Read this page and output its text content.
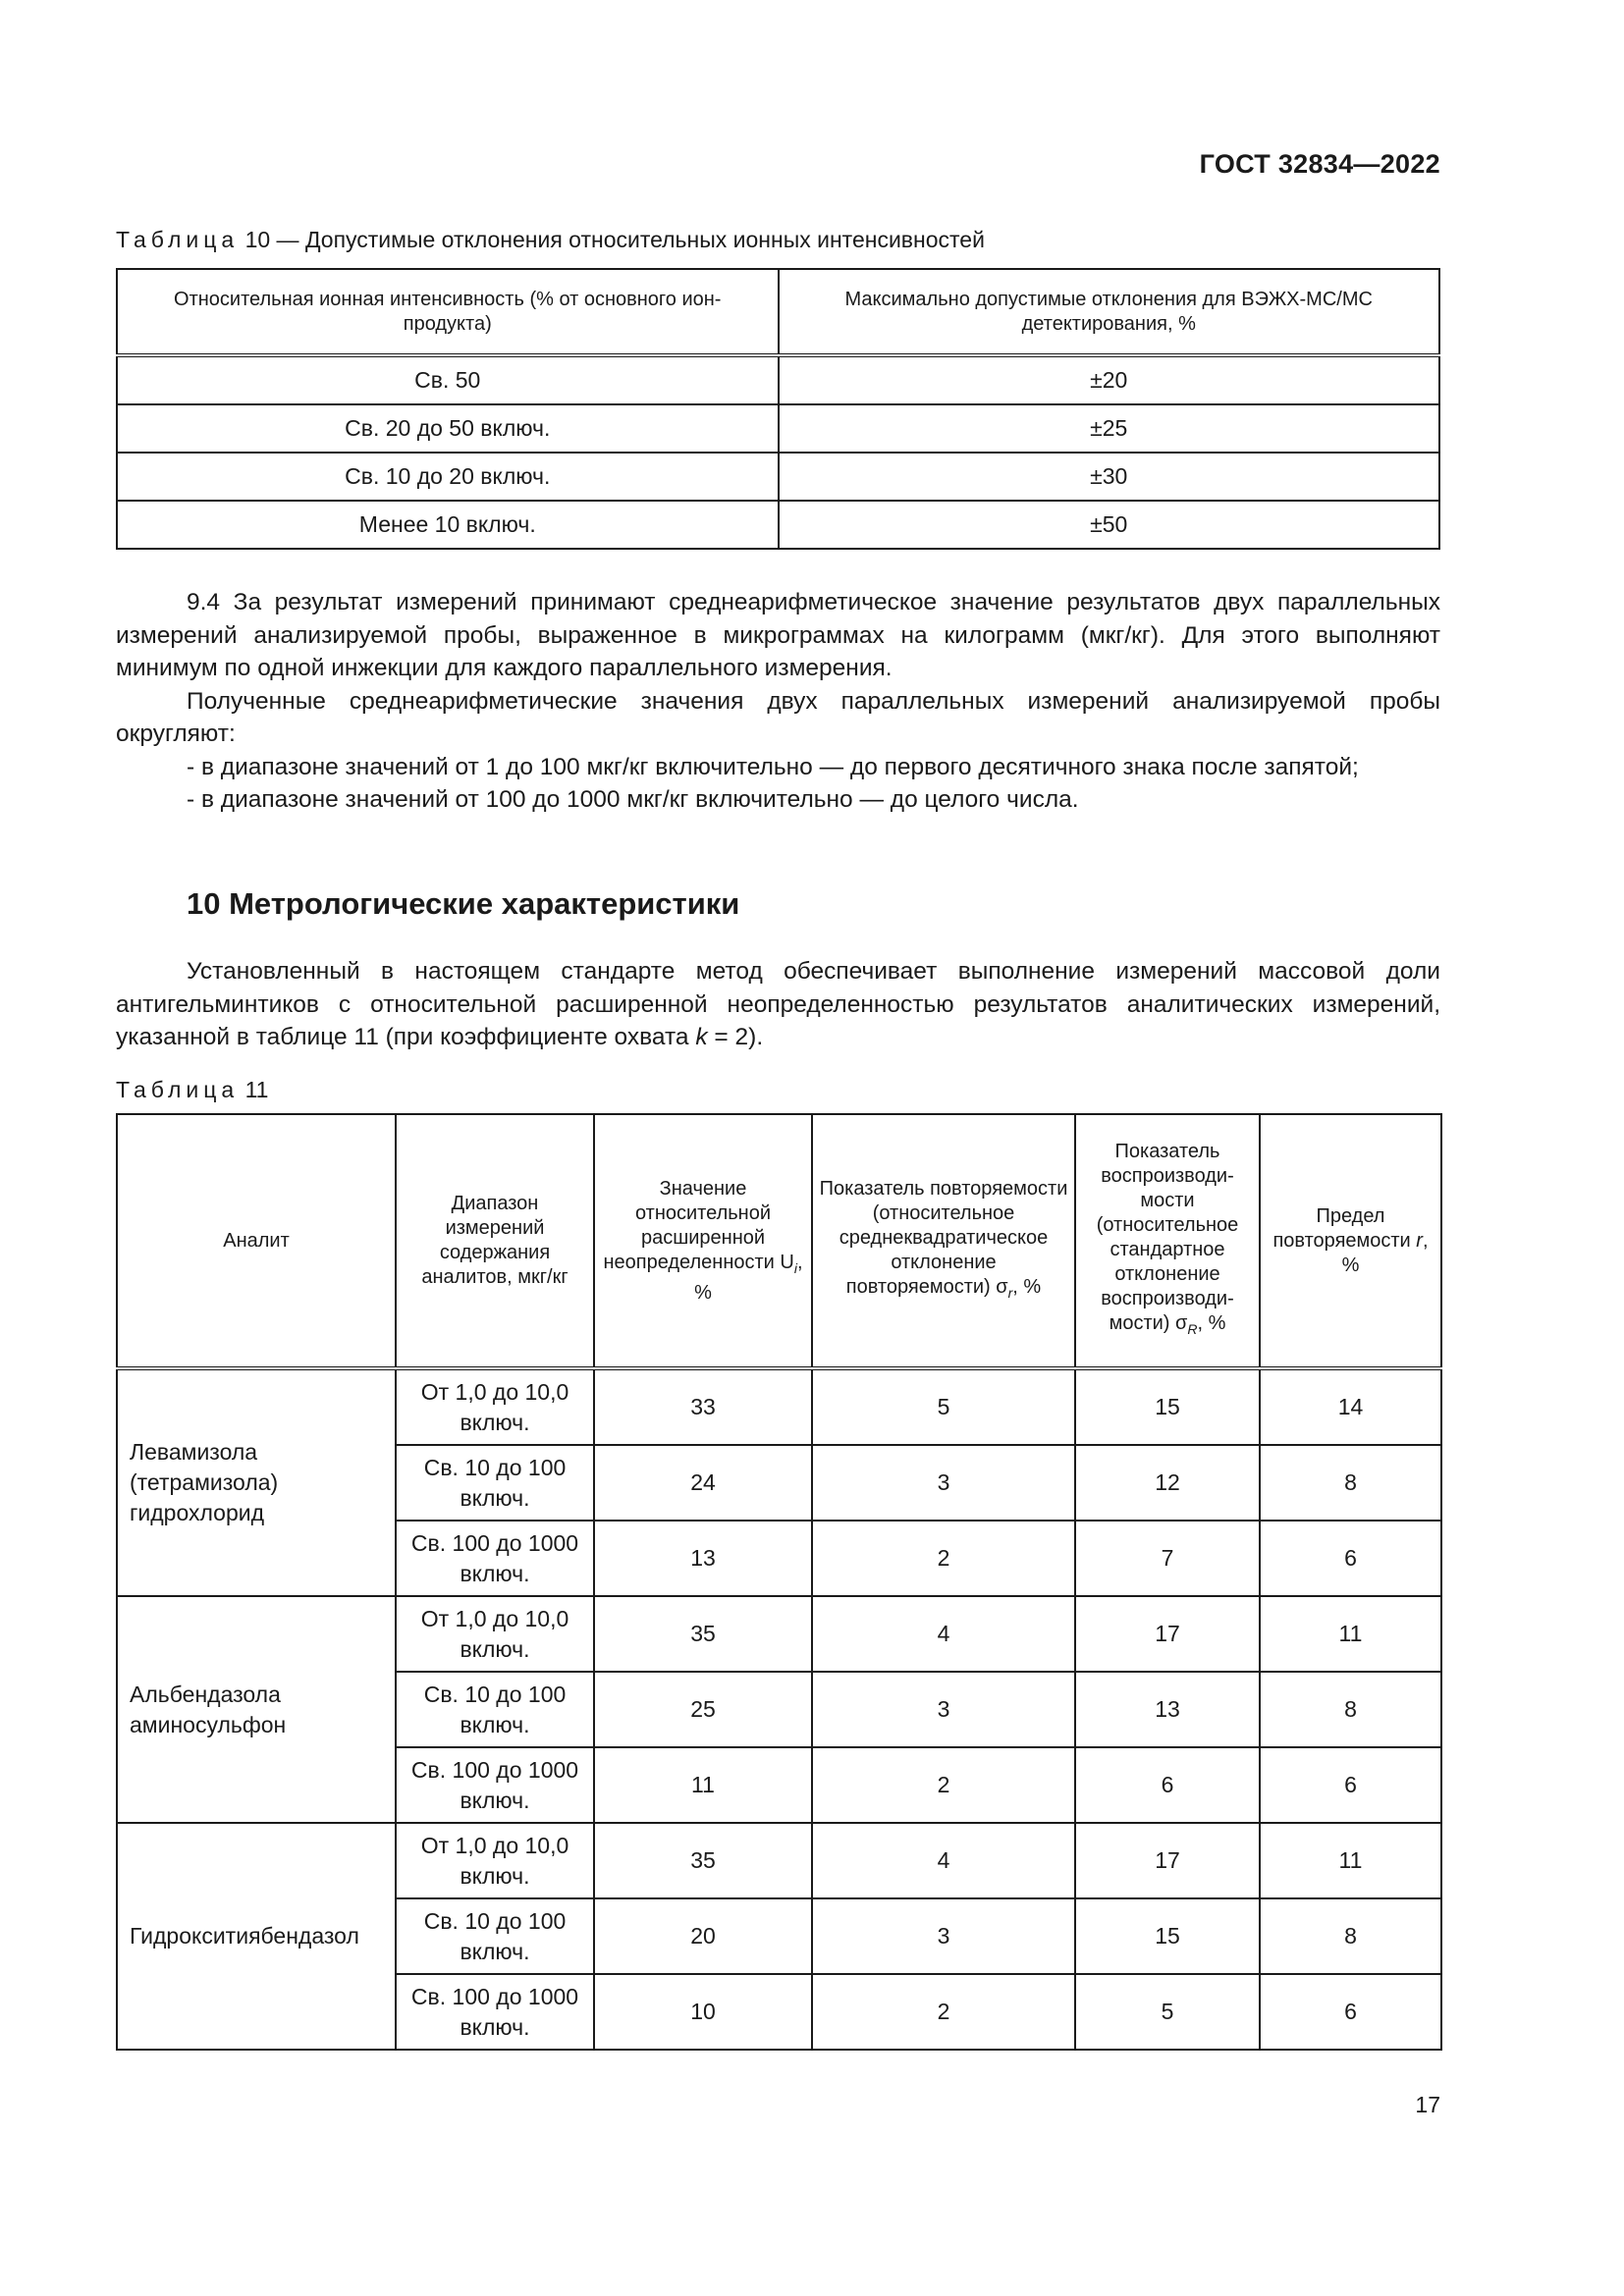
ГОСТ 32834—2022
Таблица 10 — Допустимые отклонения относительных ионных интенсивностей
Относительная ионная интенсивность (% от основного ион-продукта)	Максимально допустимые отклонения для ВЭЖХ-МС/МС детектирования, %
Св. 50	±20
Св. 20 до 50 включ.	±25
Св. 10 до 20 включ.	±30
Менее 10 включ.	±50

9.4 За результат измерений принимают среднеарифметическое значение результатов двух параллельных измерений анализируемой пробы, выраженное в микрограммах на килограмм (мкг/кг). Для этого выполняют минимум по одной инжекции для каждого параллельного измерения.

Полученные среднеарифметические значения двух параллельных измерений анализируемой пробы округляют:

- в диапазоне значений от 1 до 100 мкг/кг включительно — до первого десятичного знака после запятой;

- в диапазоне значений от 100 до 1000 мкг/кг включительно — до целого числа.

10 Метрологические характеристики

Установленный в настоящем стандарте метод обеспечивает выполнение измерений массовой доли антигельминтиков с относительной расширенной неопределенностью результатов аналитических измерений, указанной в таблице 11 (при коэффициенте охвата k = 2).

Таблица 11
Аналит	Диапазон измерений содержания аналитов, мкг/кг	Значение относительной расширенной неопределенности $U_i$, %	Показатель повторяемости (относительное среднеквадратическое отклонение повторяемости) $\sigma_r$, %	Показатель воспроизводи-мости (относительное стандартное отклонение воспроизводи-мости) $\sigma_R$, %	Предел повторяемости r, %
Левамизола (тетрамизола) гидрохлорид	От 1,0 до 10,0 включ.	33	5	15	14
	Св. 10 до 100 включ.	24	3	12	8
	Св. 100 до 1000 включ.	13	2	7	6
Альбендазола аминосульфон	От 1,0 до 10,0 включ.	35	4	17	11
	Св. 10 до 100 включ.	25	3	13	8
	Св. 100 до 1000 включ.	11	2	6	6
Гидрокситиябендазол	От 1,0 до 10,0 включ.	35	4	17	11
	Св. 10 до 100 включ.	20	3	15	8
	Св. 100 до 1000 включ.	10	2	5	6
17
